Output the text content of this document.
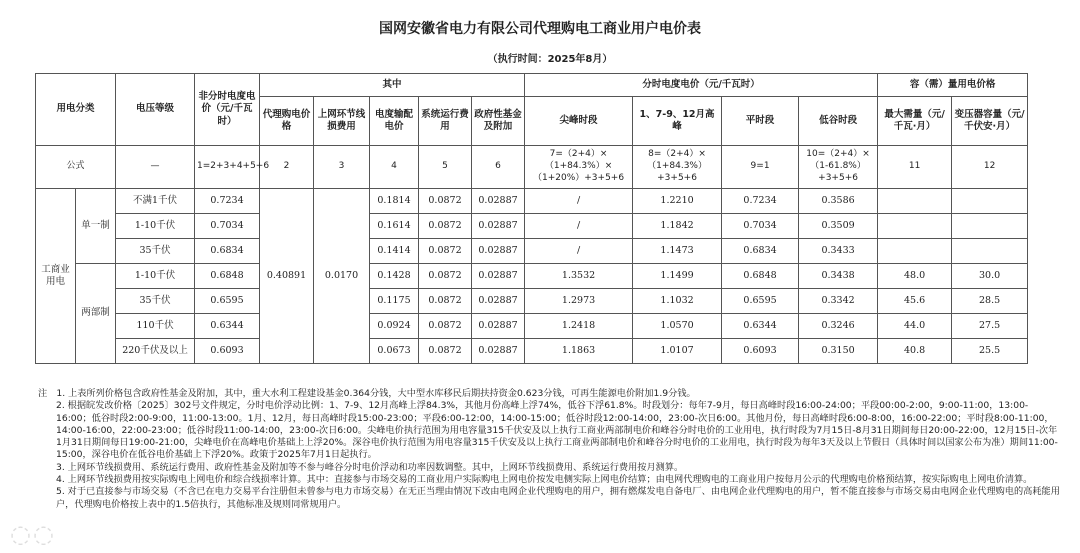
国网安徽省电力有限公司代理购电工商业用户电价表
（执行时间：2025年8月）
用电分类		电压等级	非分时电度电价（元/千瓦时）	其中					分时电度电价（元/千瓦时）				容（需）量用电价格	
				代理购电价格	上网环节线损费用	电度输配电价	系统运行费用	政府性基金及附加	尖峰时段	1、7-9、12月高峰	平时段	低谷时段	最大需量（元/千瓦·月）	变压器容量（元/千伏安·月）
公式		—	1=2+3+4+5+6	2	3	4	5	6	7=（2+4）×（1+84.3%）×（1+20%）+3+5+6	8=（2+4）×（1+84.3%）+3+5+6	9=1	10=（2+4）×（1-61.8%）+3+5+6	11	12
工商业用电	单一制	不满1千伏	0.7234	0.40891	0.0170	0.1814	0.0872	0.02887	/	1.2210	0.7234	0.3586		
		1-10千伏	0.7034			0.1614	0.0872	0.02887	/	1.1842	0.7034	0.3509		
		35千伏	0.6834			0.1414	0.0872	0.02887	/	1.1473	0.6834	0.3433		
	两部制	1-10千伏	0.6848			0.1428	0.0872	0.02887	1.3532	1.1499	0.6848	0.3438	48.0	30.0
		35千伏	0.6595			0.1175	0.0872	0.02887	1.2973	1.1032	0.6595	0.3342	45.6	28.5
		110千伏	0.6344			0.0924	0.0872	0.02887	1.2418	1.0570	0.6344	0.3246	44.0	27.5
		220千伏及以上	0.6093			0.0673	0.0872	0.02887	1.1863	1.0107	0.6093	0.3150	40.8	25.5

注　1. 上表所列价格包含政府性基金及附加，其中，重大水利工程建设基金0.364分钱，大中型水库移民后期扶持资金0.623分钱，可再生能源电价附加1.9分钱。

2. 根据皖发改价格〔2025〕302号文件规定，分时电价浮动比例：1、7-9、12月高峰上浮84.3%，其他月份高峰上浮74%，低谷下浮61.8%。时段划分：每年7-9月，每日高峰时段16:00-24:00；平段00:00-2:00，9:00-11:00，13:00-16:00；低谷时段2:00-9:00，11:00-13:00。1月、12月，每日高峰时段15:00-23:00；平段6:00-12:00，14:00-15:00；低谷时段12:00-14:00，23:00-次日6:00。其他月份，每日高峰时段6:00-8:00，16:00-22:00；平时段8:00-11:00，14:00-16:00，22:00-23:00；低谷时段11:00-14:00，23:00-次日6:00。尖峰电价执行范围为用电容量315千伏安及以上执行工商业两部制电价和峰谷分时电价的工业用电，执行时段为7月15日-8月31日期间每日20:00-22:00，12月15日-次年1月31日期间每日19:00-21:00，尖峰电价在高峰电价基础上上浮20%。深谷电价执行范围为用电容量315千伏安及以上执行工商业两部制电价和峰谷分时电价的工业用电，执行时段为每年3天及以上节假日（具体时间以国家公布为准）期间11:00-15:00，深谷电价在低谷电价基础上下浮20%。政策于2025年7月1日起执行。

3. 上网环节线损费用、系统运行费用、政府性基金及附加等不参与峰谷分时电价浮动和功率因数调整。其中，上网环节线损费用、系统运行费用按月测算。

4. 上网环节线损费用按实际购电上网电价和综合线损率计算。其中：直接参与市场交易的工商业用户实际购电上网电价按发电侧实际上网电价结算；由电网代理购电的工商业用户按每月公示的代理购电价格预结算，按实际购电上网电价清算。

5. 对于已直接参与市场交易（不含已在电力交易平台注册但未曾参与电力市场交易）在无正当理由情况下改由电网企业代理购电的用户，拥有燃煤发电自备电厂、由电网企业代理购电的用户，暂不能直接参与市场交易由电网企业代理购电的高耗能用户，代理购电价格按上表中的1.5倍执行，其他标准及规则同常规用户。

◌◌
